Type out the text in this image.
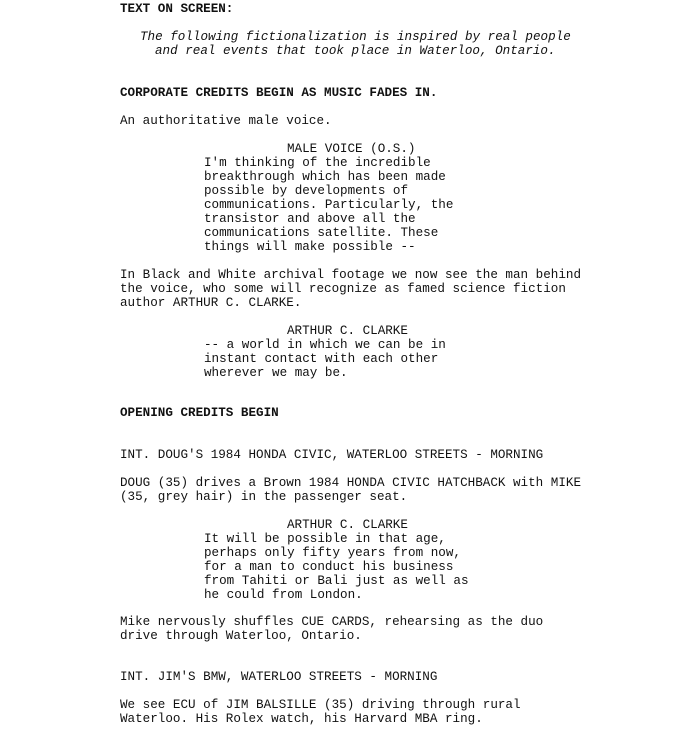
TEXT ON SCREEN:
The following fictionalization is inspired by real people
and real events that took place in Waterloo, Ontario.
CORPORATE CREDITS BEGIN AS MUSIC FADES IN.
An authoritative male voice.
MALE VOICE (O.S.)
I'm thinking of the incredible
breakthrough which has been made
possible by developments of
communications. Particularly, the
transistor and above all the
communications satellite. These
things will make possible --
In Black and White archival footage we now see the man behind
the voice, who some will recognize as famed science fiction
author ARTHUR C. CLARKE.
ARTHUR C. CLARKE
-- a world in which we can be in
instant contact with each other
wherever we may be.
OPENING CREDITS BEGIN
INT. DOUG'S 1984 HONDA CIVIC, WATERLOO STREETS - MORNING
DOUG (35) drives a Brown 1984 HONDA CIVIC HATCHBACK with MIKE
(35, grey hair) in the passenger seat.
ARTHUR C. CLARKE
It will be possible in that age,
perhaps only fifty years from now,
for a man to conduct his business
from Tahiti or Bali just as well as
he could from London.
Mike nervously shuffles CUE CARDS, rehearsing as the duo
drive through Waterloo, Ontario.
INT. JIM'S BMW, WATERLOO STREETS - MORNING
We see ECU of JIM BALSILLE (35) driving through rural
Waterloo. His Rolex watch, his Harvard MBA ring.
